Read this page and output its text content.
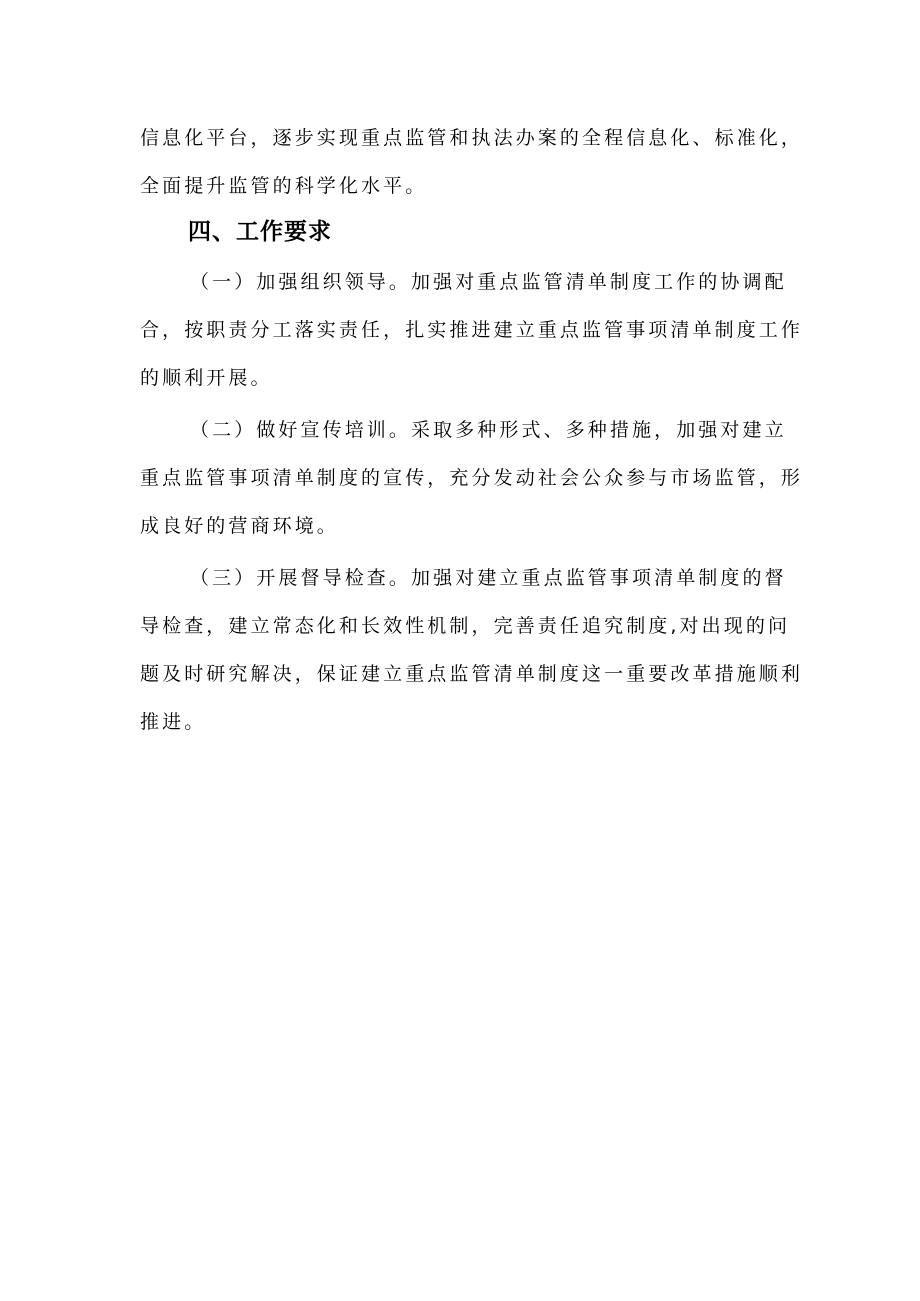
信息化平台，逐步实现重点监管和执法办案的全程信息化、标准化，
全面提升监管的科学化水平。
四、工作要求
（一）加强组织领导。加强对重点监管清单制度工作的协调配
合，按职责分工落实责任，扎实推进建立重点监管事项清单制度工作
的顺利开展。
（二）做好宣传培训。采取多种形式、多种措施，加强对建立
重点监管事项清单制度的宣传，充分发动社会公众参与市场监管，形
成良好的营商环境。
（三）开展督导检查。加强对建立重点监管事项清单制度的督
导检查，建立常态化和长效性机制，完善责任追究制度,对出现的问
题及时研究解决，保证建立重点监管清单制度这一重要改革措施顺利
推进。
